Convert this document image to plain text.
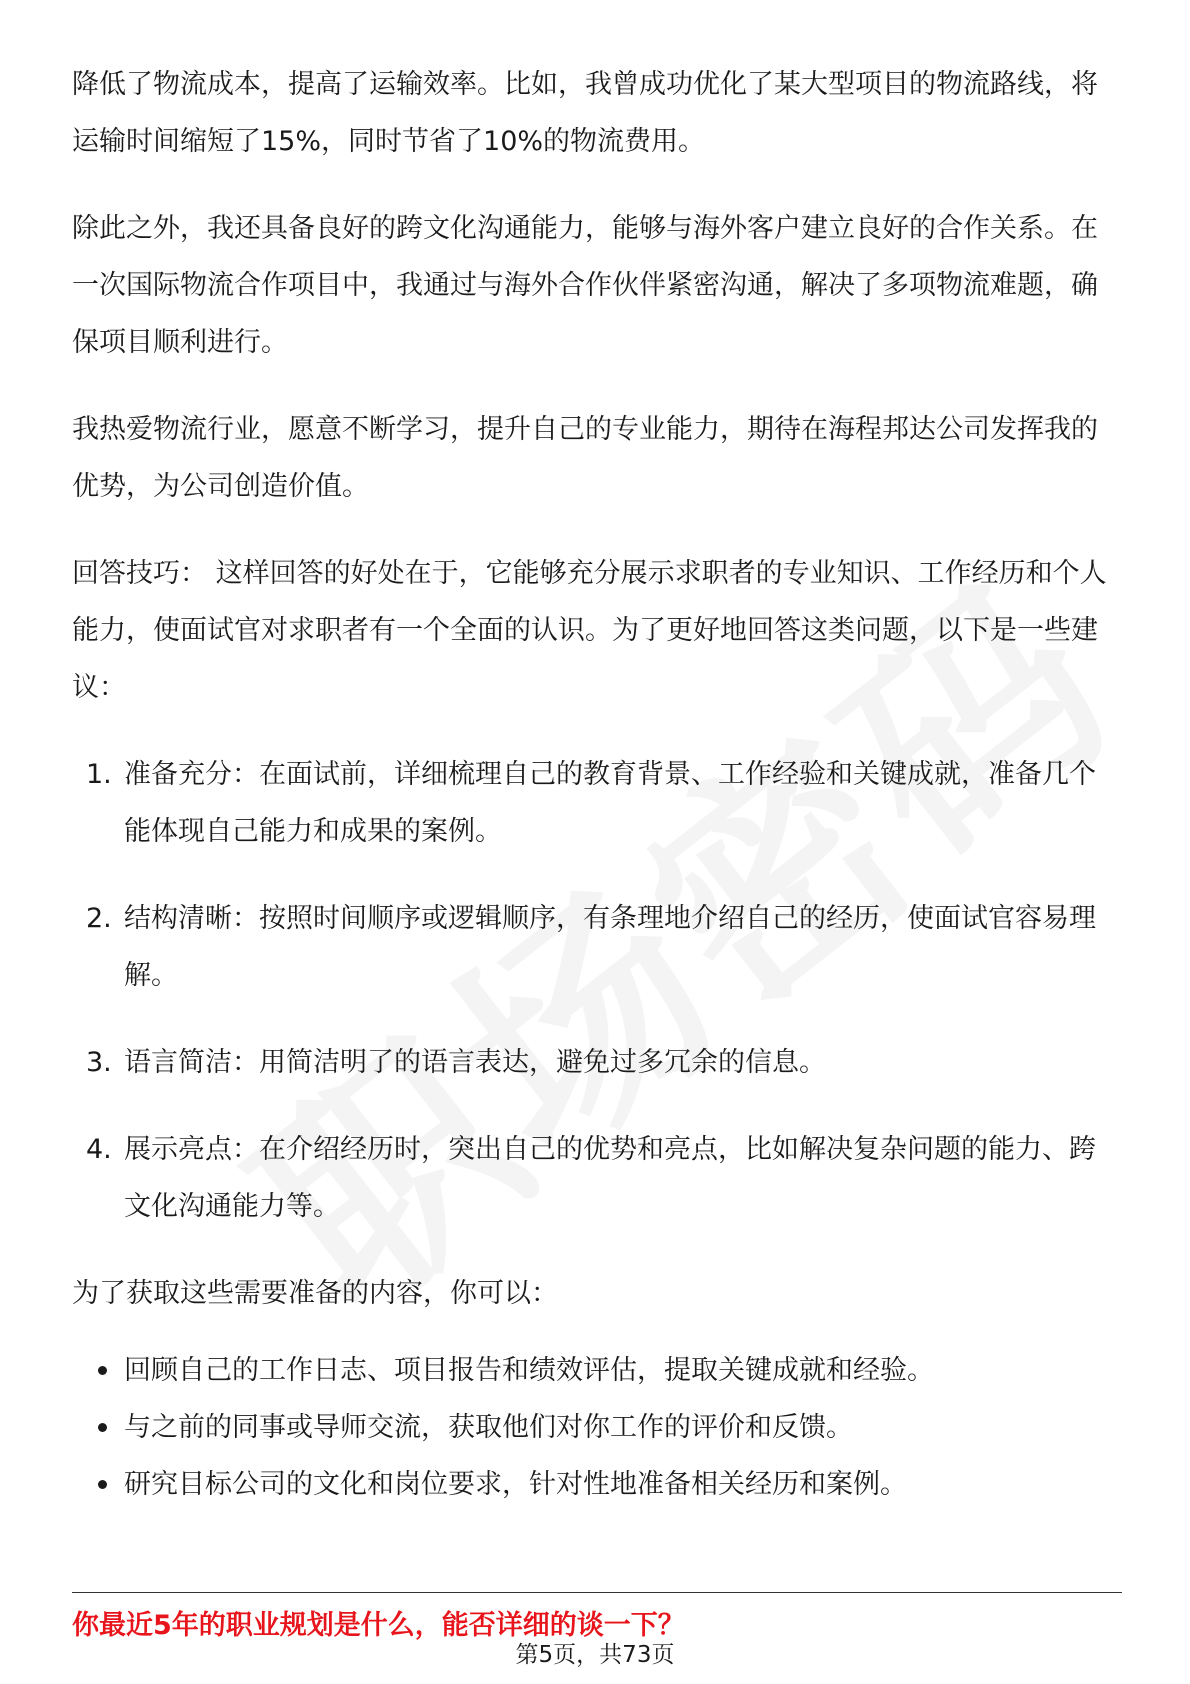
降低了物流成本，提高了运输效率。比如，我曾成功优化了某大型项目的物流路线，将运输时间缩短了15%，同时节省了10%的物流费用。

除此之外，我还具备良好的跨文化沟通能力，能够与海外客户建立良好的合作关系。在一次国际物流合作项目中，我通过与海外合作伙伴紧密沟通，解决了多项物流难题，确保项目顺利进行。

我热爱物流行业，愿意不断学习，提升自己的专业能力，期待在海程邦达公司发挥我的优势，为公司创造价值。

回答技巧： 这样回答的好处在于，它能够充分展示求职者的专业知识、工作经历和个人能力，使面试官对求职者有一个全面的认识。为了更好地回答这类问题，以下是一些建议：

1. 准备充分：在面试前，详细梳理自己的教育背景、工作经验和关键成就，准备几个能体现自己能力和成果的案例。
2. 结构清晰：按照时间顺序或逻辑顺序，有条理地介绍自己的经历，使面试官容易理解。
3. 语言简洁：用简洁明了的语言表达，避免过多冗余的信息。
4. 展示亮点：在介绍经历时，突出自己的优势和亮点，比如解决复杂问题的能力、跨文化沟通能力等。

为了获取这些需要准备的内容，你可以：

回顾自己的工作日志、项目报告和绩效评估，提取关键成就和经验。
与之前的同事或导师交流，获取他们对你工作的评价和反馈。
研究目标公司的文化和岗位要求，针对性地准备相关经历和案例。
你最近5年的职业规划是什么，能否详细的谈一下？
第5页，共73页
